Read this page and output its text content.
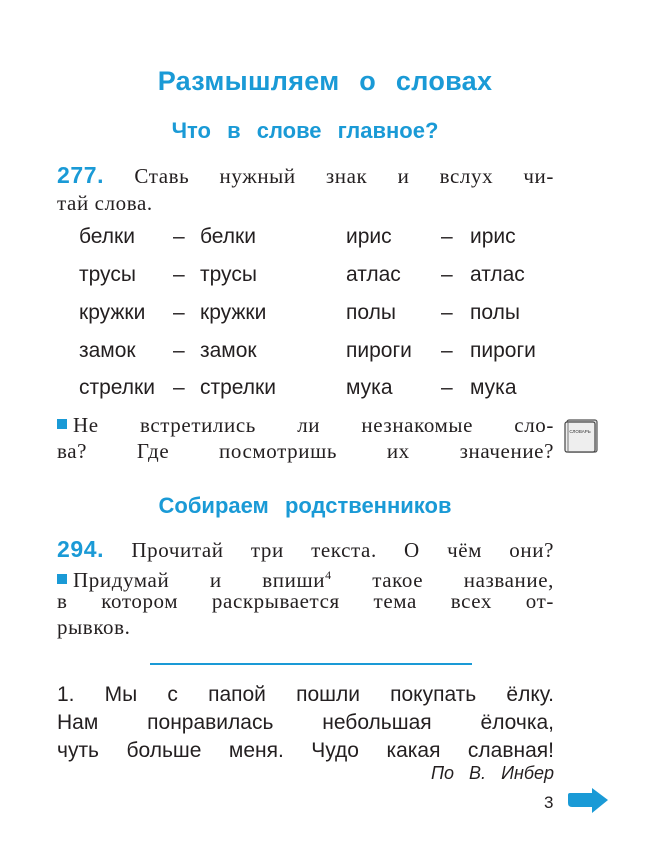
Размышляем о словах
Что в слове главное?
277. Ставь нужный знак и вслух чи-
тай слова.
белки – белки
трусы – трусы
кружки – кружки
замок – замок
стрелки – стрелки
ирис – ирис
атлас – атлас
полы – полы
пироги – пироги
мука – мука
Не встретились ли незнакомые сло-
ва? Где посмотришь их значение?
СЛОВАРЬ
Собираем родственников
294. Прочитай три текста. О чём они?
Придумай и впиши$^4$ такое название,
в котором раскрывается тема всех от-
рывков.
1. Мы с папой пошли покупать ёлку.
Нам понравилась небольшая ёлочка,
чуть больше меня. Чудо какая славная!
По В. Инбер
3
